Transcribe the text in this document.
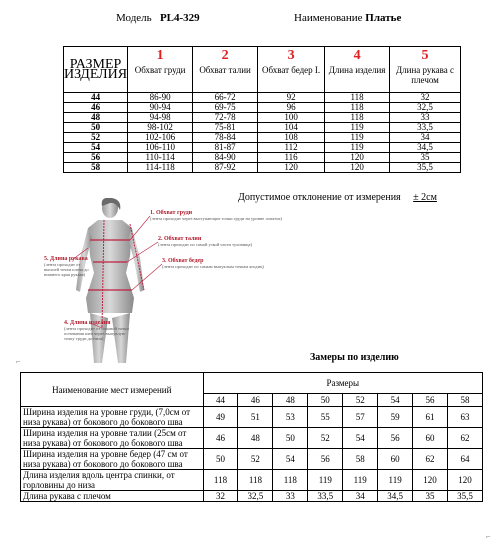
Модель PL4-329	Наименование Платье
РАЗМЕР ИЗДЕЛИЯ	1	2	3	4	5
	Обхват груди	Обхват талии	Обхват бедер I.	Длина изделия	Длина рукава с плечом
44	86-90	66-72	92	118	32
46	90-94	69-75	96	118	32,5
48	94-98	72-78	100	118	33
50	98-102	75-81	104	119	33,5
52	102-106	78-84	108	119	34
54	106-110	81-87	112	119	34,5
56	110-114	84-90	116	120	35
58	114-118	87-92	120	120	35,5
Допустимое отклонение от измерения ± 2см
1. Обхват груди
(лента проходит через выступающие точки груди на уровне лопаток)
2. Обхват талии
(лента проходит по самой узкой части туловища)
3. Обхват бедер
(лента проходит по самым выпуклым точкам ягодиц)
5. Длина рукава
(лента проходит от высшей точки плеча до нижнего края рукава)
4. Длина изделия
(лента проходит от боковой точки основания шеи через выпуклую точку груди до низа)
Замеры по изделию
Наименование мест измерений	Размеры							
	44	46	48	50	52	54	56	58
Ширина изделия на уровне груди, (7,0см от низа рукава) от бокового до бокового шва	49	51	53	55	57	59	61	63
Ширина изделия на уровне талии (25см от низа рукава) от бокового до бокового шва	46	48	50	52	54	56	60	62
Ширина изделия на уровне бедер (47 см от низа рукава) от бокового до бокового шва	50	52	54	56	58	60	62	64
Длина изделия вдоль центра спинки, от горловины до низа	118	118	118	119	119	119	120	120
Длина рукава с плечом	32	32,5	33	33,5	34	34,5	35	35,5
⌐
⌐
